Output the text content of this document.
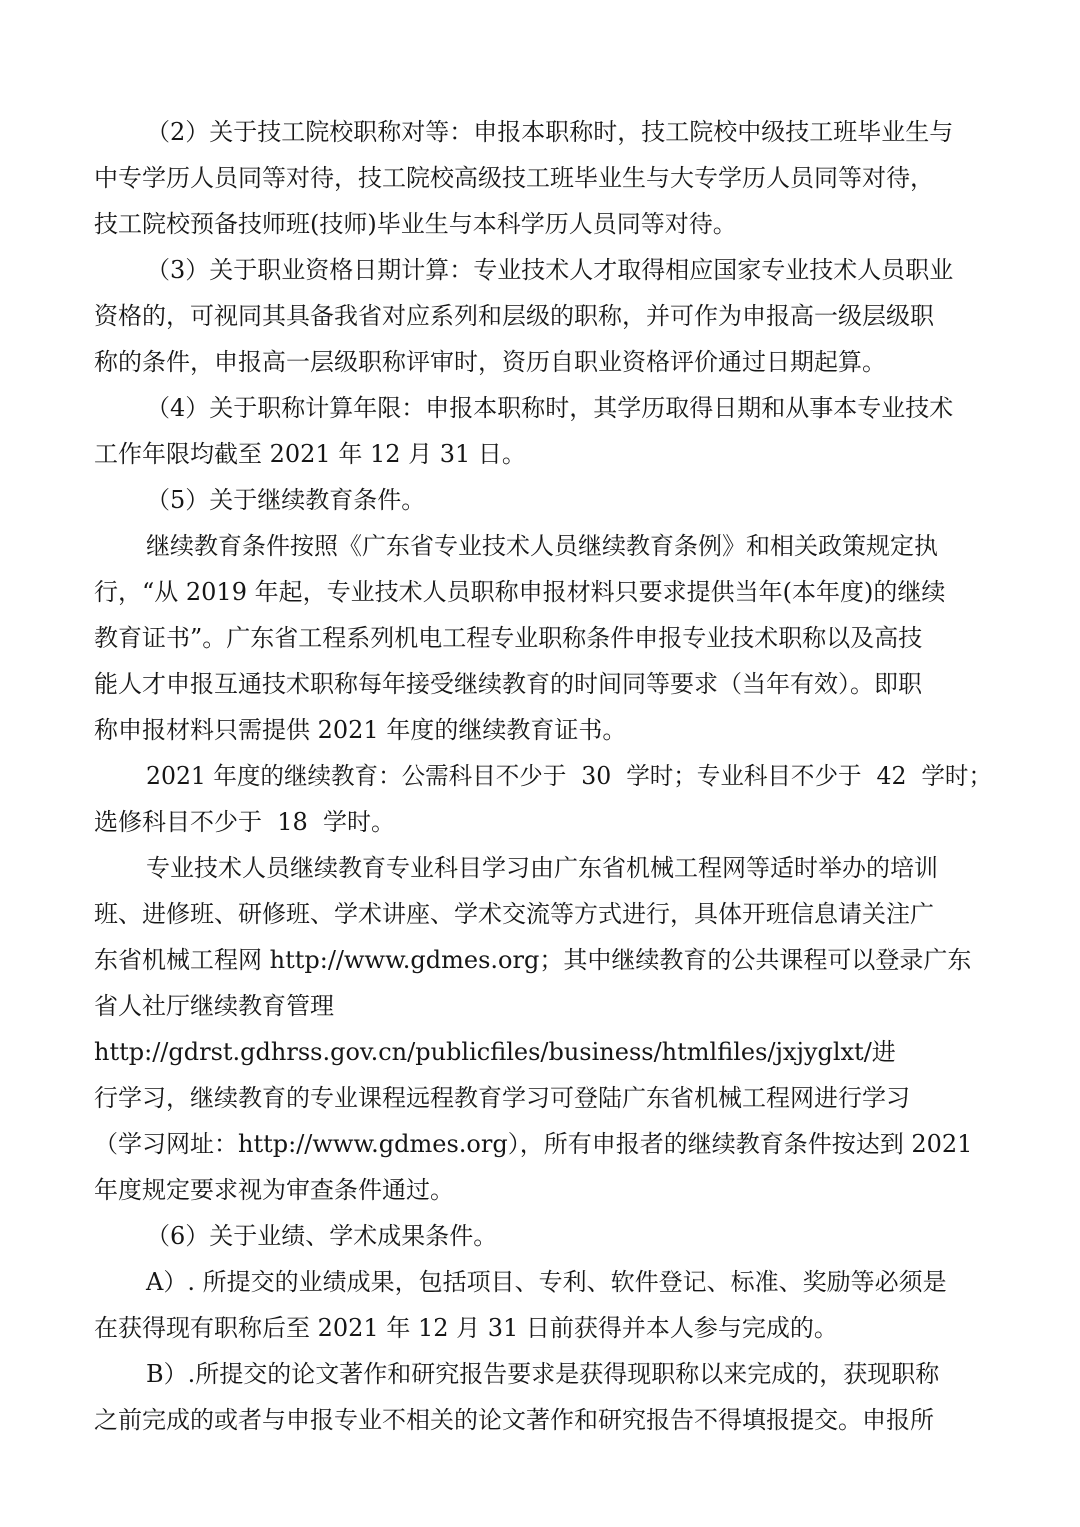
（2）关于技工院校职称对等：申报本职称时，技工院校中级技工班毕业生与

中专学历人员同等对待，技工院校高级技工班毕业生与大专学历人员同等对待，

技工院校预备技师班(技师)毕业生与本科学历人员同等对待。

（3）关于职业资格日期计算：专业技术人才取得相应国家专业技术人员职业

资格的，可视同其具备我省对应系列和层级的职称，并可作为申报高一级层级职

称的条件，申报高一层级职称评审时，资历自职业资格评价通过日期起算。

（4）关于职称计算年限：申报本职称时，其学历取得日期和从事本专业技术

工作年限均截至 2021 年 12 月 31 日。

（5）关于继续教育条件。

继续教育条件按照《广东省专业技术人员继续教育条例》和相关政策规定执

行，“从 2019 年起，专业技术人员职称申报材料只要求提供当年(本年度)的继续

教育证书”。广东省工程系列机电工程专业职称条件申报专业技术职称以及高技

能人才申报互通技术职称每年接受继续教育的时间同等要求（当年有效）。即职

称申报材料只需提供 2021 年度的继续教育证书。

2021 年度的继续教育：公需科目不少于  30  学时；专业科目不少于  42  学时；

选修科目不少于  18  学时。

专业技术人员继续教育专业科目学习由广东省机械工程网等适时举办的培训

班、进修班、研修班、学术讲座、学术交流等方式进行，具体开班信息请关注广

东省机械工程网 http://www.gdmes.org；其中继续教育的公共课程可以登录广东

省人社厅继续教育管理

http://gdrst.gdhrss.gov.cn/publicfiles/business/htmlfiles/jxjyglxt/进

行学习，继续教育的专业课程远程教育学习可登陆广东省机械工程网进行学习

（学习网址：http://www.gdmes.org），所有申报者的继续教育条件按达到 2021

年度规定要求视为审查条件通过。

（6）关于业绩、学术成果条件。

A）. 所提交的业绩成果，包括项目、专利、软件登记、标准、奖励等必须是

在获得现有职称后至 2021 年 12 月 31 日前获得并本人参与完成的。

B）.所提交的论文著作和研究报告要求是获得现职称以来完成的，获现职称

之前完成的或者与申报专业不相关的论文著作和研究报告不得填报提交。申报所
